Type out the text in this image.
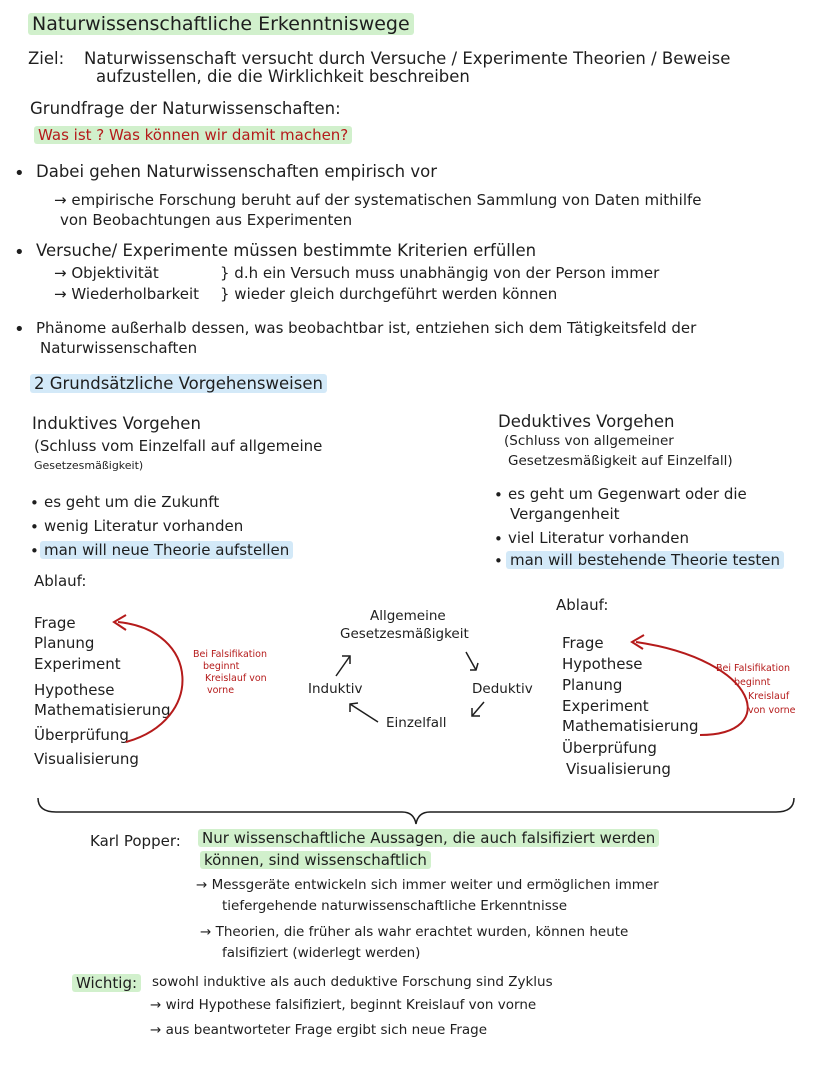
Naturwissenschaftliche Erkenntniswege
Ziel: Naturwissenschaft versucht durch Versuche / Experimente Theorien / Beweise
aufzustellen, die die Wirklichkeit beschreiben
Grundfrage der Naturwissenschaften:
Was ist ? Was können wir damit machen?
• Dabei gehen Naturwissenschaften empirisch vor
→ empirische Forschung beruht auf der systematischen Sammlung von Daten mithilfe
von Beobachtungen aus Experimenten
• Versuche/ Experimente müssen bestimmte Kriterien erfüllen
→ Objektivität
→ Wiederholbarkeit
} d.h ein Versuch muss unabhängig von der Person immer
} wieder gleich durchgeführt werden können
• Phänome außerhalb dessen, was beobachtbar ist, entziehen sich dem Tätigkeitsfeld der
Naturwissenschaften
2 Grundsätzliche Vorgehensweisen
Induktives Vorgehen
(Schluss vom Einzelfall auf allgemeine
Gesetzesmäßigkeit)
• es geht um die Zukunft
• wenig Literatur vorhanden
• man will neue Theorie aufstellen
Ablauf:
Frage
Planung
Experiment
Hypothese
Mathematisierung
Überprüfung
Visualisierung
Bei Falsifikation
beginnt
Kreislauf von
vorne
Allgemeine
Gesetzesmäßigkeit
Induktiv	Deduktiv
Einzelfall
Deduktives Vorgehen
(Schluss von allgemeiner
Gesetzesmäßigkeit auf Einzelfall)
• es geht um Gegenwart oder die
Vergangenheit
• viel Literatur vorhanden
• man will bestehende Theorie testen
Ablauf:
Frage
Hypothese
Planung
Experiment
Mathematisierung
Überprüfung
Visualisierung
Bei Falsifikation
beginnt
Kreislauf
von vorne
Karl Popper: Nur wissenschaftliche Aussagen, die auch falsifiziert werden
können, sind wissenschaftlich
→ Messgeräte entwickeln sich immer weiter und ermöglichen immer
tiefergehende naturwissenschaftliche Erkenntnisse
→ Theorien, die früher als wahr erachtet wurden, können heute
falsifiziert (widerlegt werden)
Wichtig: sowohl induktive als auch deduktive Forschung sind Zyklus
→ wird Hypothese falsifiziert, beginnt Kreislauf von vorne
→ aus beantworteter Frage ergibt sich neue Frage
